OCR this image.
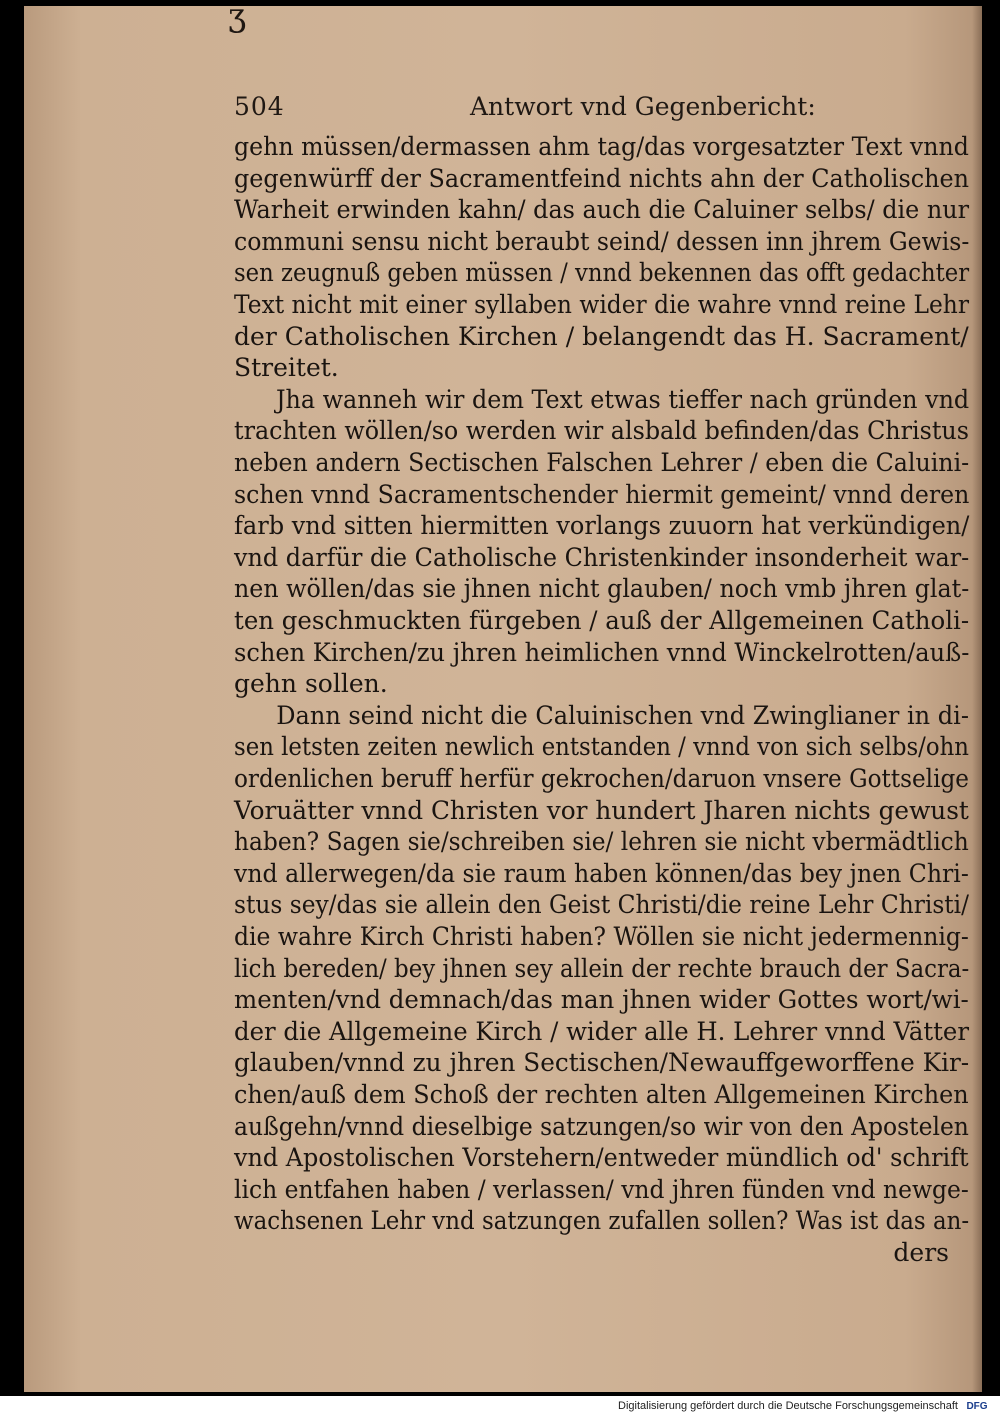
ʒ
504	Antwort vnd Gegenbericht:
gehn müssen/dermassen ahm tag/das vorgesatzter Text vnnd
gegenwürff der Sacramentfeind nichts ahn der Catholischen
Warheit erwinden kahn/ das auch die Caluiner selbs/ die nur
communi sensu nicht beraubt seind/ dessen inn jhrem Gewis-
sen zeugnuß geben müssen / vnnd bekennen das offt gedachter
Text nicht mit einer syllaben wider die wahre vnnd reine Lehr
der Catholischen Kirchen / belangendt das H. Sacrament/
Streitet.
Jha wanneh wir dem Text etwas tieffer nach gründen vnd
trachten wöllen/so werden wir alsbald befinden/das Christus
neben andern Sectischen Falschen Lehrer / eben die Caluini-
schen vnnd Sacramentschender hiermit gemeint/ vnnd deren
farb vnd sitten hiermitten vorlangs zuuorn hat verkündigen/
vnd darfür die Catholische Christenkinder insonderheit war-
nen wöllen/das sie jhnen nicht glauben/ noch vmb jhren glat-
ten geschmuckten fürgeben / auß der Allgemeinen Catholi-
schen Kirchen/zu jhren heimlichen vnnd Winckelrotten/auß-
gehn sollen.
Dann seind nicht die Caluinischen vnd Zwinglianer in di-
sen letsten zeiten newlich entstanden / vnnd von sich selbs/ohn
ordenlichen beruff herfür gekrochen/daruon vnsere Gottselige
Voruätter vnnd Christen vor hundert Jharen nichts gewust
haben? Sagen sie/schreiben sie/ lehren sie nicht vbermädtlich
vnd allerwegen/da sie raum haben können/das bey jnen Chri-
stus sey/das sie allein den Geist Christi/die reine Lehr Christi/
die wahre Kirch Christi haben? Wöllen sie nicht jedermennig-
lich bereden/ bey jhnen sey allein der rechte brauch der Sacra-
menten/vnd demnach/das man jhnen wider Gottes wort/wi-
der die Allgemeine Kirch / wider alle H. Lehrer vnnd Vätter
glauben/vnnd zu jhren Sectischen/Newauffgeworffene Kir-
chen/auß dem Schoß der rechten alten Allgemeinen Kirchen
außgehn/vnnd dieselbige satzungen/so wir von den Apostelen
vnd Apostolischen Vorstehern/entweder mündlich od' schrift
lich entfahen haben / verlassen/ vnd jhren fünden vnd newge-
wachsenen Lehr vnd satzungen zufallen sollen? Was ist das an-
ders
Digitalisierung gefördert durch die Deutsche Forschungsgemeinschaft DFG
